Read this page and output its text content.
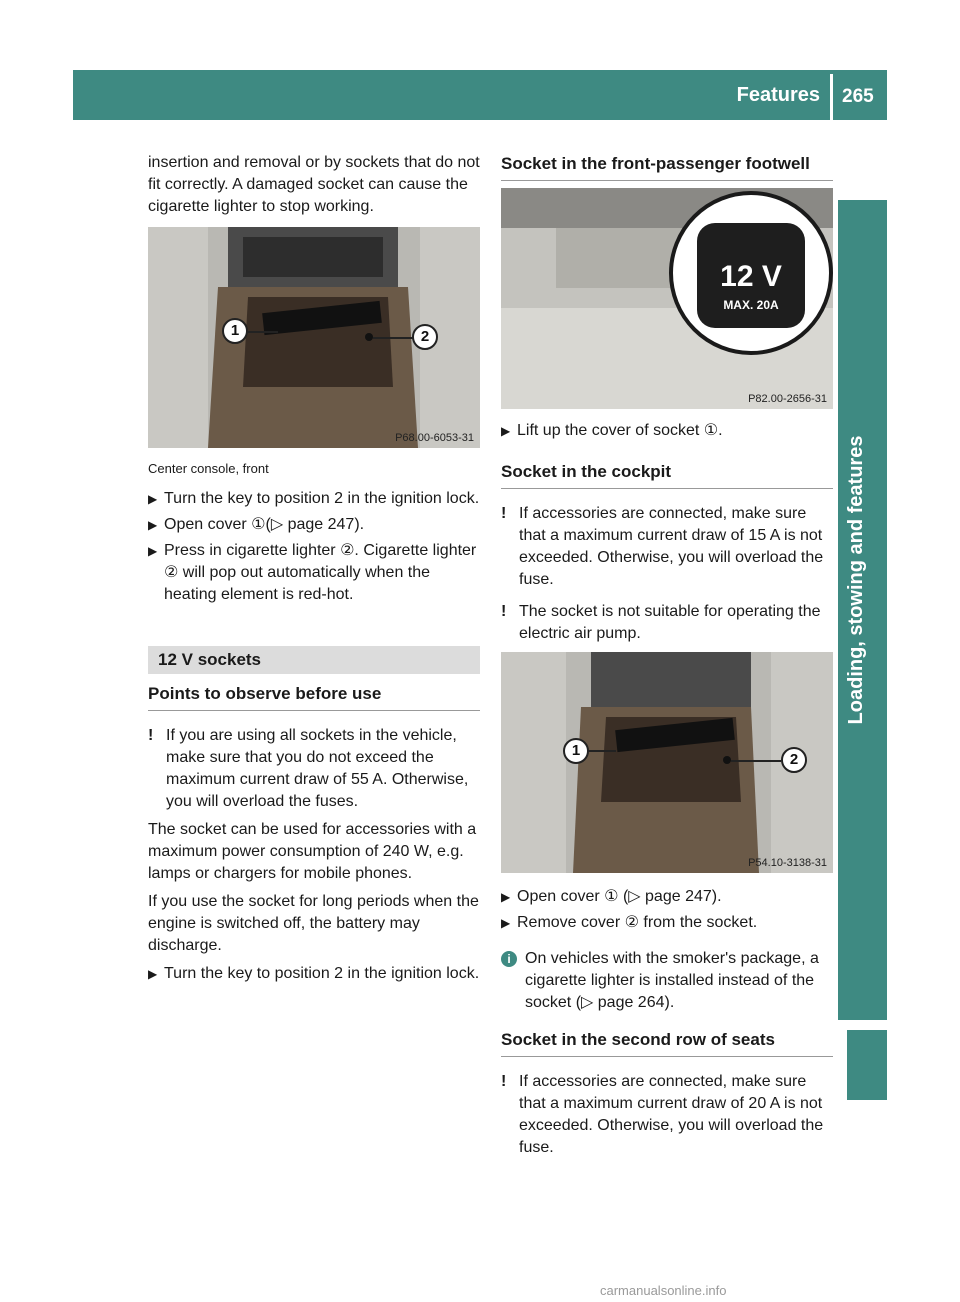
Features 265
Loading, stowing and features

insertion and removal or by sockets that do not fit correctly. A damaged socket can cause the cigarette lighter to stop working.

1	2
P68.00-6053-31

Center console, front

▶ Turn the key to position 2 in the ignition lock.
▶ Open cover ①(▷ page 247).
▶ Press in cigarette lighter ②. Cigarette lighter ② will pop out automatically when the heating element is red-hot.
12 V sockets
Points to observe before use
! If you are using all sockets in the vehicle, make sure that you do not exceed the maximum current draw of 55 A. Otherwise, you will overload the fuses.

The socket can be used for accessories with a maximum power consumption of 240 W, e.g. lamps or chargers for mobile phones.

If you use the socket for long periods when the engine is switched off, the battery may discharge.

▶ Turn the key to position 2 in the ignition lock.
Socket in the front-passenger footwell
12 V
MAX. 20A
P82.00-2656-31
▶ Lift up the cover of socket ①.
Socket in the cockpit
! If accessories are connected, make sure that a maximum current draw of 15 A is not exceeded. Otherwise, you will overload the fuse.
! The socket is not suitable for operating the electric air pump.
1
2
P54.10-3138-31
▶ Open cover ① (▷ page 247).
▶ Remove cover ② from the socket.
i On vehicles with the smoker's package, a cigarette lighter is installed instead of the socket (▷ page 264).
Socket in the second row of seats
! If accessories are connected, make sure that a maximum current draw of 20 A is not exceeded. Otherwise, you will overload the fuse.
carmanualsonline.info
